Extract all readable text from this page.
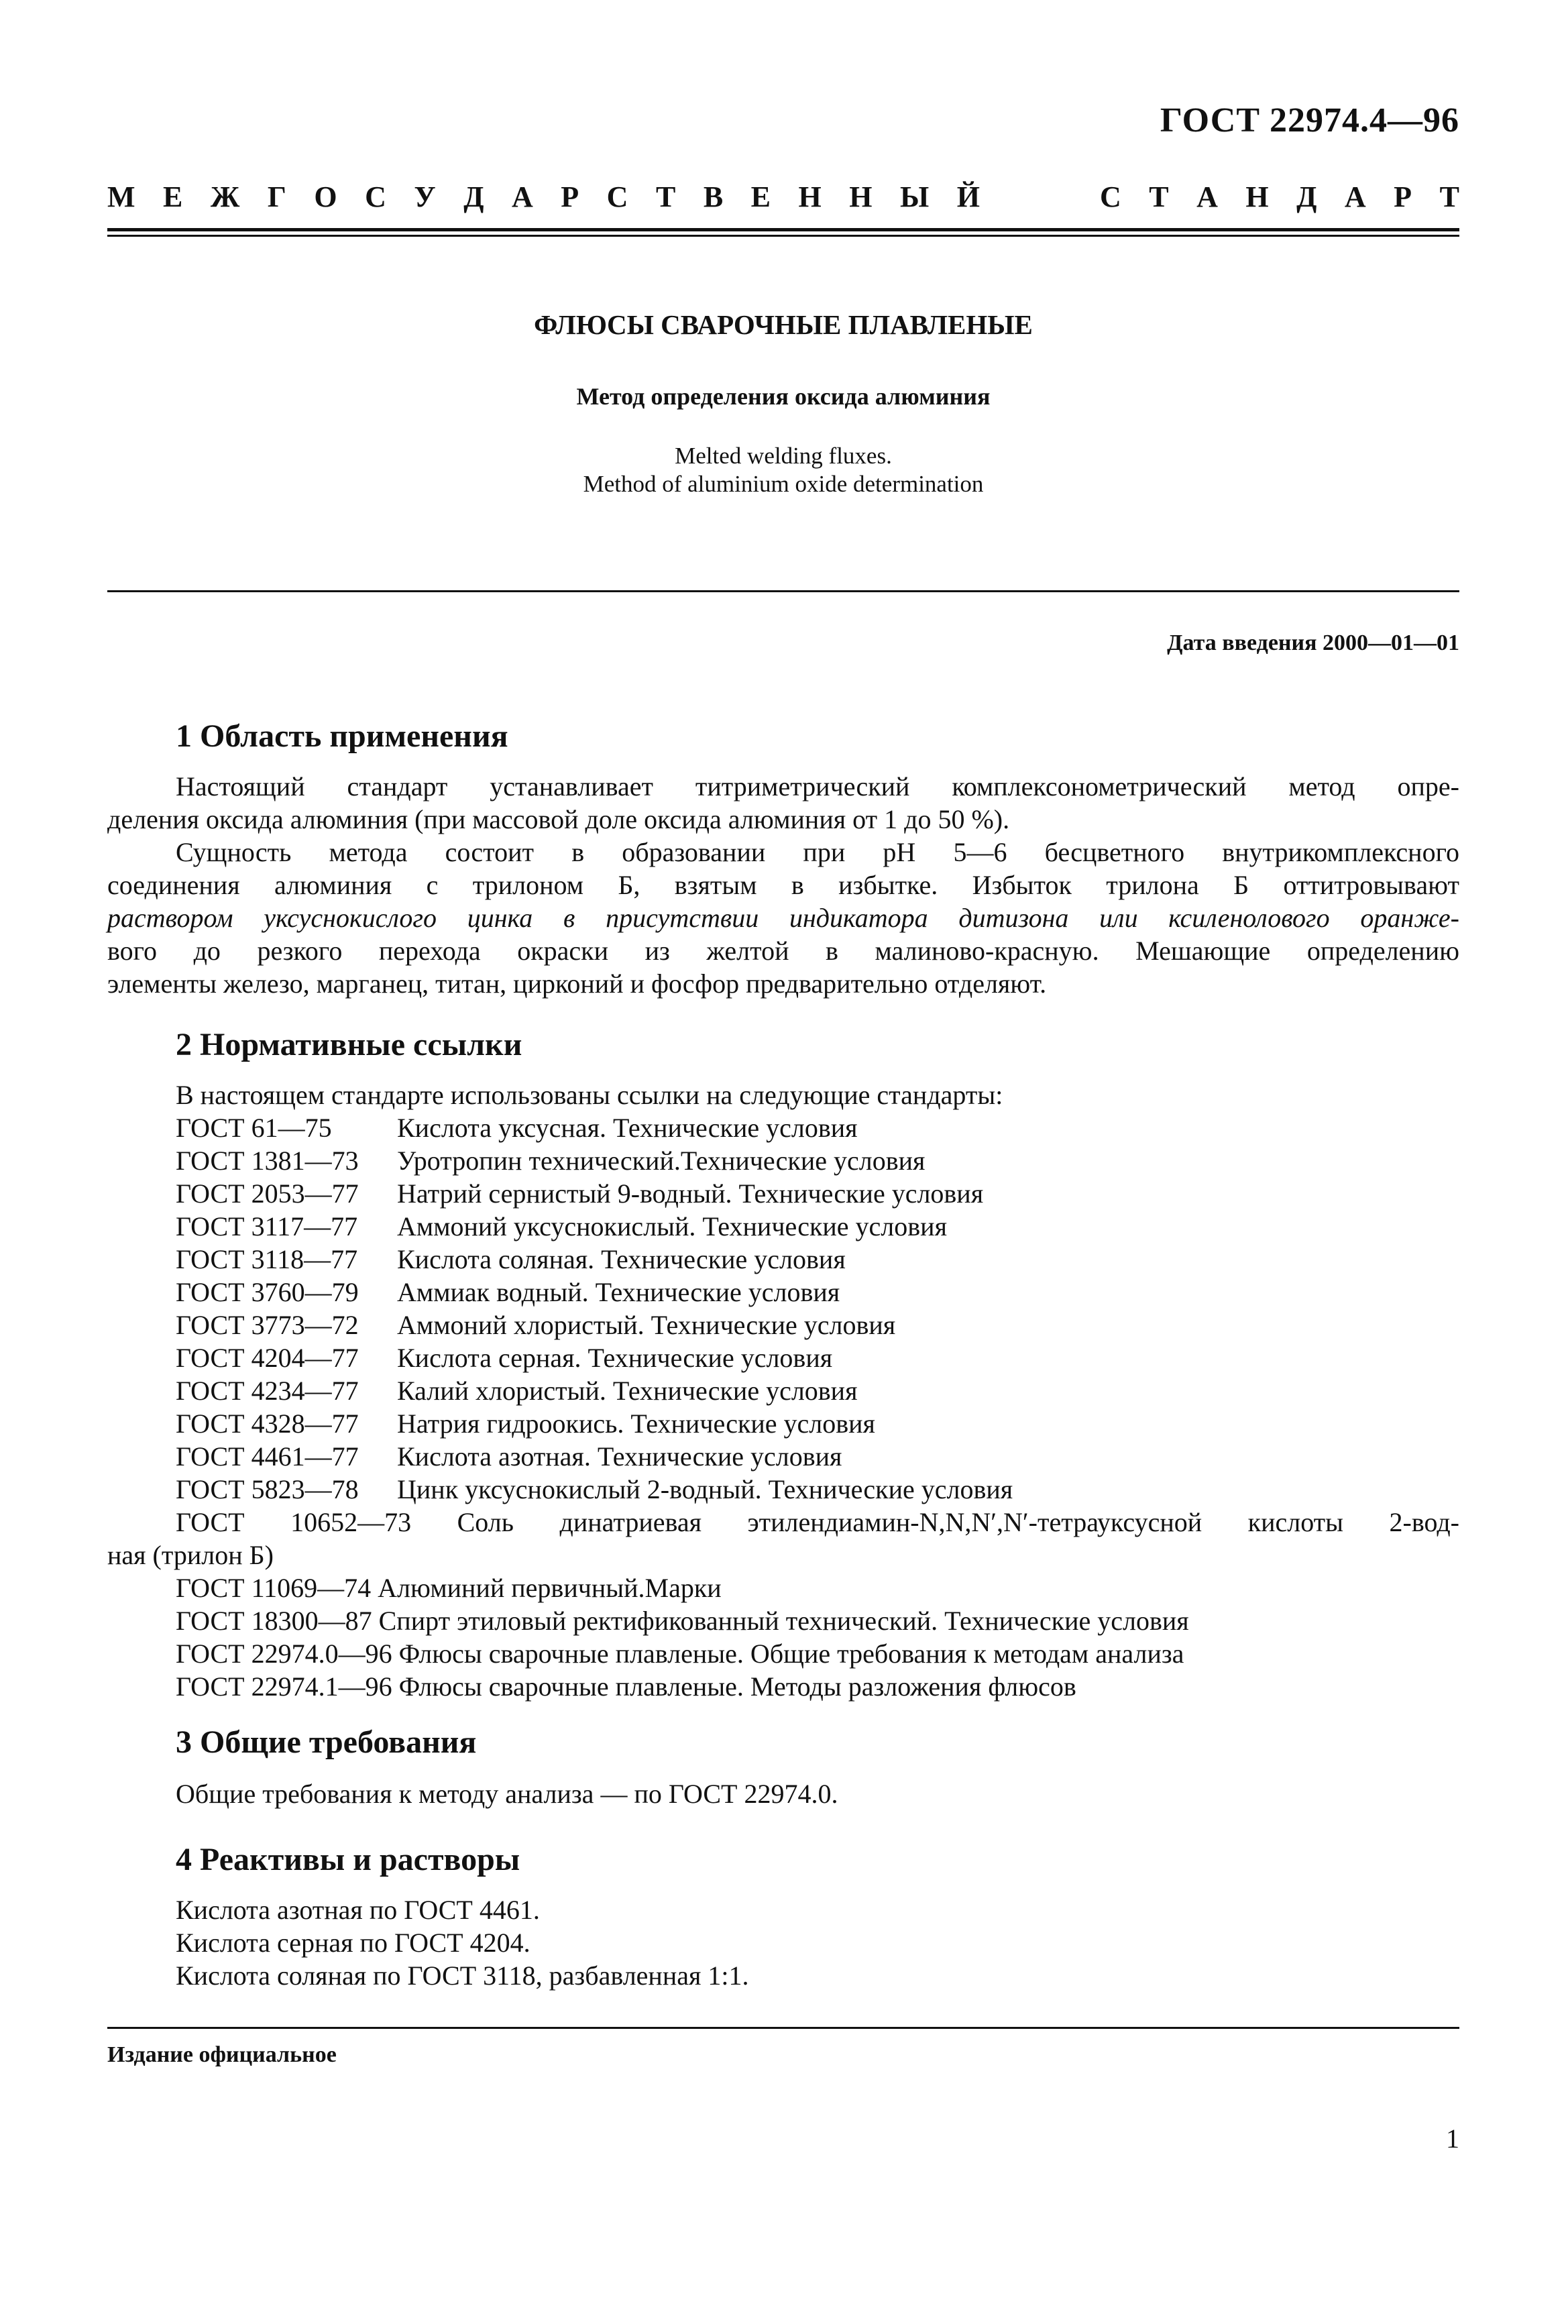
ГОСТ 22974.4—96
М Е Ж Г О С У Д А Р С Т В Е Н Н Ы Й	С Т А Н Д А Р Т
ФЛЮСЫ СВАРОЧНЫЕ ПЛАВЛЕНЫЕ
Метод определения оксида алюминия
Melted welding fluxes.
Method of aluminium oxide determination
Дата введения 2000—01—01
1 Область применения
Настоящий стандарт устанавливает титриметрический комплексонометрический метод опре-
деления оксида алюминия (при массовой доле оксида алюминия от 1 до 50 %).
Сущность метода состоит в образовании при рН 5—6 бесцветного внутрикомплексного
соединения алюминия с трилоном Б, взятым в избытке. Избыток трилона Б оттитровывают
раствором уксуснокислого цинка в присутствии индикатора дитизона или ксиленолового оранже-
вого до резкого перехода окраски из желтой в малиново-красную. Мешающие определению
элементы железо, марганец, титан, цирконий и фосфор предварительно отделяют.
2 Нормативные ссылки
В настоящем стандарте использованы ссылки на следующие стандарты:
ГОСТ 61—75 Кислота уксусная. Технические условия
ГОСТ 1381—73 Уротропин технический.Технические условия
ГОСТ 2053—77 Натрий сернистый 9-водный. Технические условия
ГОСТ 3117—77 Аммоний уксуснокислый. Технические условия
ГОСТ 3118—77 Кислота соляная. Технические условия
ГОСТ 3760—79 Аммиак водный. Технические условия
ГОСТ 3773—72 Аммоний хлористый. Технические условия
ГОСТ 4204—77 Кислота серная. Технические условия
ГОСТ 4234—77 Калий хлористый. Технические условия
ГОСТ 4328—77 Натрия гидроокись. Технические условия
ГОСТ 4461—77 Кислота азотная. Технические условия
ГОСТ 5823—78 Цинк уксуснокислый 2-водный. Технические условия
ГОСТ 10652—73 Соль динатриевая этилендиамин-N,N,N′,N′-тетрауксусной кислоты 2-вод-
ная (трилон Б)
ГОСТ 11069—74 Алюминий первичный.Марки
ГОСТ 18300—87 Спирт этиловый ректификованный технический. Технические условия
ГОСТ 22974.0—96 Флюсы сварочные плавленые. Общие требования к методам анализа
ГОСТ 22974.1—96 Флюсы сварочные плавленые. Методы разложения флюсов
3 Общие требования
Общие требования к методу анализа — по ГОСТ 22974.0.
4 Реактивы и растворы
Кислота азотная по ГОСТ 4461.
Кислота серная по ГОСТ 4204.
Кислота соляная по ГОСТ 3118, разбавленная 1:1.
Издание официальное
1
